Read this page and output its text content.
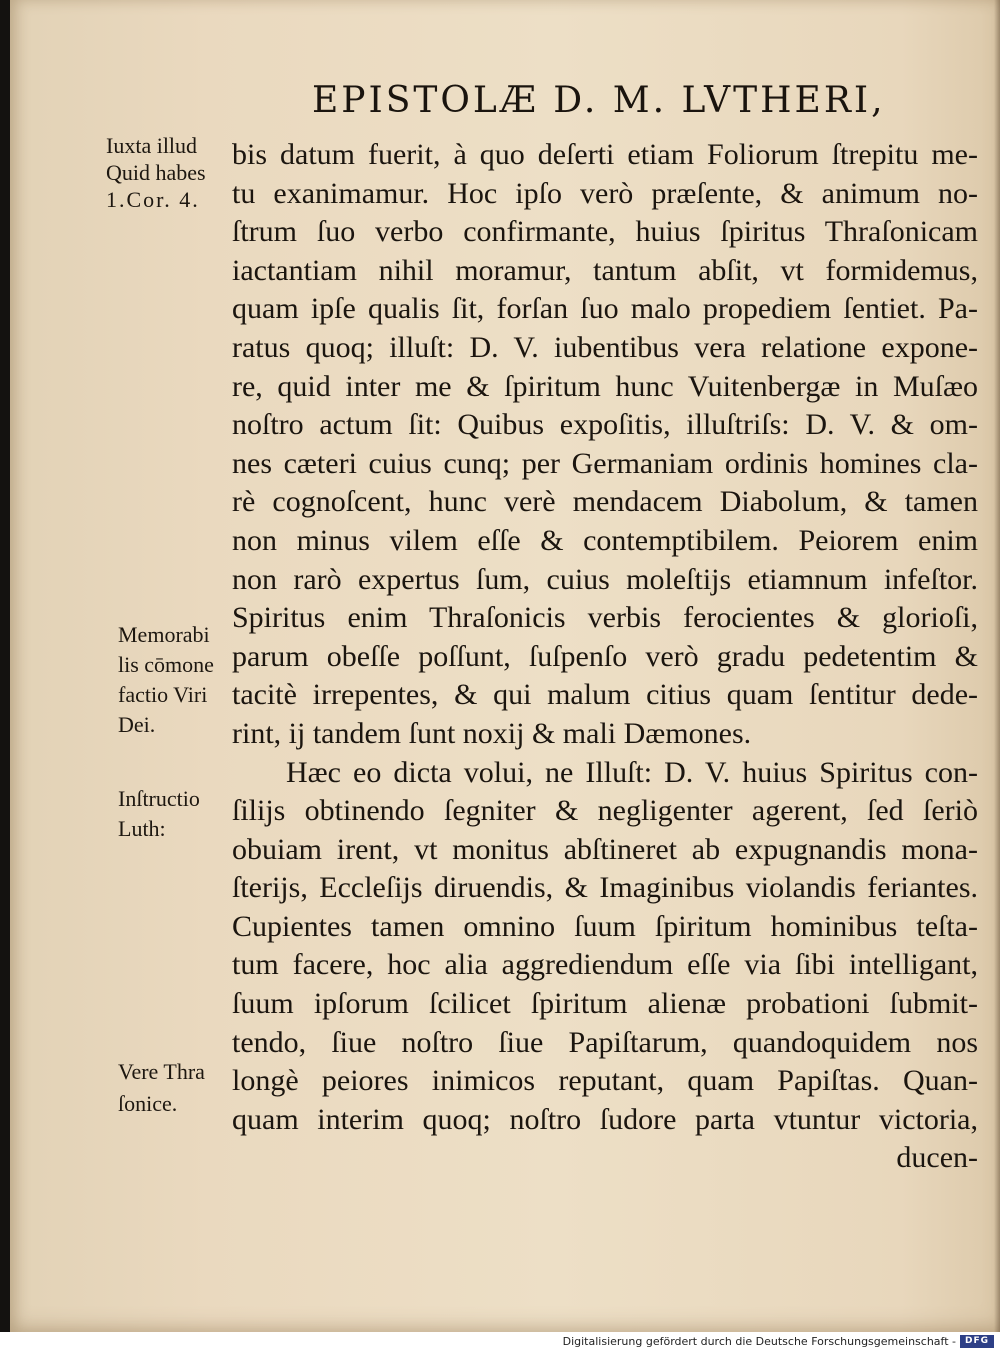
EPISTOLÆ D. M. LVTHERI,
Iuxta illud
Quid habes
1.Cor. 4.
Memorabi
lis cōmone
factio Viri
Dei.
Inſtructio
Luth:
Vere Thra
ſonice.
bis datum fuerit, à quo deſerti etiam Foliorum ſtrepitu me-
tu exanimamur. Hoc ipſo verò præſente, & animum no-
ſtrum ſuo verbo confirmante, huius ſpiritus Thraſonicam
iactantiam nihil moramur, tantum abſit, vt formidemus,
quam ipſe qualis ſit, forſan ſuo malo propediem ſentiet. Pa-
ratus quoq; illuſt: D. V. iubentibus vera relatione expone-
re, quid inter me & ſpiritum hunc Vuitenbergæ in Muſæo
noſtro actum ſit: Quibus expoſitis, illuſtriſs: D. V. & om-
nes cæteri cuius cunq; per Germaniam ordinis homines cla-
rè cognoſcent, hunc verè mendacem Diabolum, & tamen
non minus vilem eſſe & contemptibilem. Peiorem enim
non rarò expertus ſum, cuius moleſtijs etiamnum infeſtor.
Spiritus enim Thraſonicis verbis ferocientes & glorioſi,
parum obeſſe poſſunt, ſuſpenſo verò gradu pedetentim &
tacitè irrepentes, & qui malum citius quam ſentitur dede-
rint, ij tandem ſunt noxij & mali Dæmones.
Hæc eo dicta volui, ne Illuſt: D. V. huius Spiritus con-
ſilijs obtinendo ſegniter & negligenter agerent, ſed ſeriò
obuiam irent, vt monitus abſtineret ab expugnandis mona-
ſterijs, Eccleſijs diruendis, & Imaginibus violandis feriantes.
Cupientes tamen omnino ſuum ſpiritum hominibus teſta-
tum facere, hoc alia aggrediendum eſſe via ſibi intelligant,
ſuum ipſorum ſcilicet ſpiritum alienæ probationi ſubmit-
tendo, ſiue noſtro ſiue Papiſtarum, quandoquidem nos
longè peiores inimicos reputant, quam Papiſtas. Quan-
quam interim quoq; noſtro ſudore parta vtuntur victoria,
ducen-
Digitalisierung gefördert durch die Deutsche Forschungsgemeinschaft - DFG
